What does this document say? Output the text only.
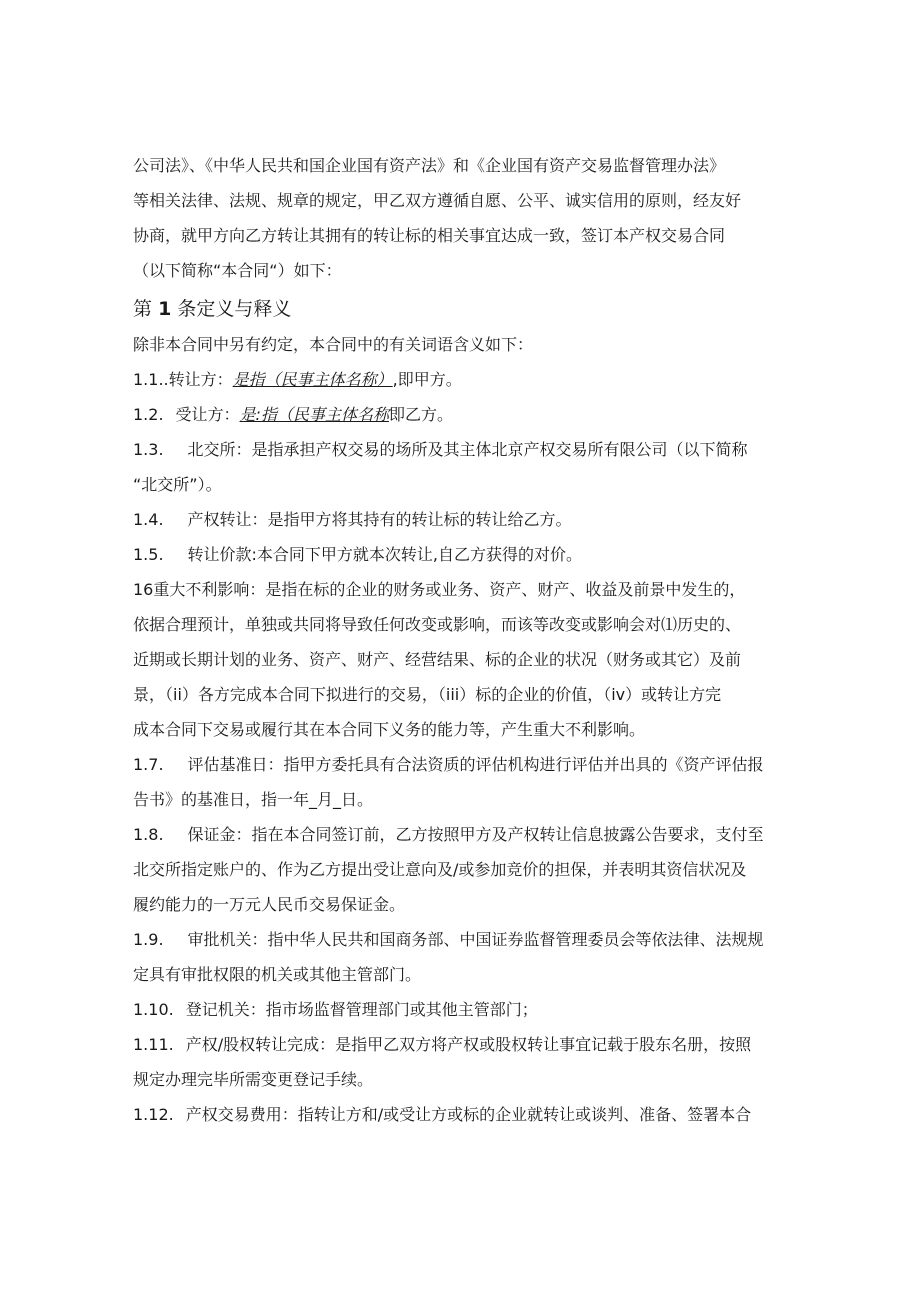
公司法》、《中华人民共和国企业国有资产法》和《企业国有资产交易监督管理办法》
等相关法律、法规、规章的规定，甲乙双方遵循自愿、公平、诚实信用的原则，经友好
协商，就甲方向乙方转让其拥有的转让标的相关事宜达成一致，签订本产权交易合同
（以下简称“本合同“）如下：
第 1 条定义与释义
除非本合同中另有约定，本合同中的有关词语含义如下：
1.1..转让方：是指（民事主体名称）,即甲方。
1.2. 受让方：是:指（民事主体名称即乙方。
1.3. 北交所：是指承担产权交易的场所及其主体北京产权交易所有限公司（以下简称
“北交所”）。
1.4. 产权转让：是指甲方将其持有的转让标的转让给乙方。
1.5. 转让价款:本合同下甲方就本次转让,自乙方获得的对价。
16重大不利影响：是指在标的企业的财务或业务、资产、财产、收益及前景中发生的，
依据合理预计，单独或共同将导致任何改变或影响，而该等改变或影响会对⑴历史的、
近期或长期计划的业务、资产、财产、经营结果、标的企业的状况（财务或其它）及前
景，（ii）各方完成本合同下拟进行的交易，（iii）标的企业的价值，（iv）或转让方完
成本合同下交易或履行其在本合同下义务的能力等，产生重大不利影响。
1.7. 评估基准日：指甲方委托具有合法资质的评估机构进行评估并出具的《资产评估报
告书》的基准日，指一年_月_日。
1.8. 保证金：指在本合同签订前，乙方按照甲方及产权转让信息披露公告要求，支付至
北交所指定账户的、作为乙方提出受让意向及/或参加竞价的担保，并表明其资信状况及
履约能力的一万元人民币交易保证金。
1.9. 审批机关：指中华人民共和国商务部、中国证券监督管理委员会等依法律、法规规
定具有审批权限的机关或其他主管部门。
1.10. 登记机关：指市场监督管理部门或其他主管部门；
1.11. 产权/股权转让完成：是指甲乙双方将产权或股权转让事宜记载于股东名册，按照
规定办理完毕所需变更登记手续。
1.12. 产权交易费用：指转让方和/或受让方或标的企业就转让或谈判、准备、签署本合
